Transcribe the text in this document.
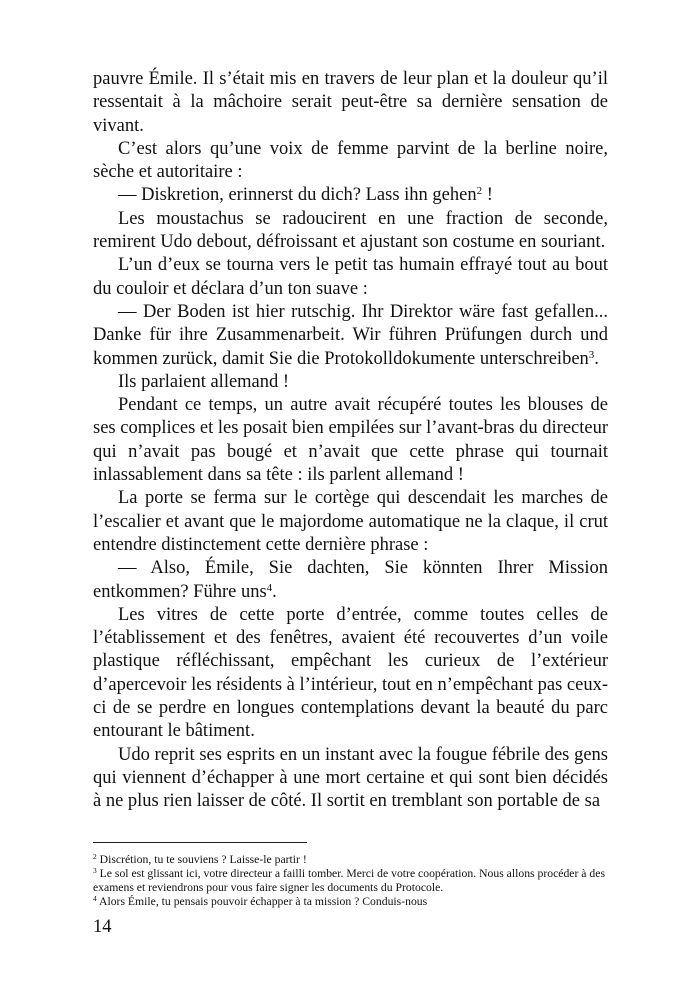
pauvre Émile. Il s’était mis en travers de leur plan et la douleur qu’il ressentait à la mâchoire serait peut-être sa dernière sensation de vivant.

C’est alors qu’une voix de femme parvint de la berline noire, sèche et autoritaire :

— Diskretion, erinnerst du dich? Lass ihn gehen$^2$ !

Les moustachus se radoucirent en une fraction de seconde, remirent Udo debout, défroissant et ajustant son costume en souriant.

L’un d’eux se tourna vers le petit tas humain effrayé tout au bout du couloir et déclara d’un ton suave :

— Der Boden ist hier rutschig. Ihr Direktor wäre fast gefallen... Danke für ihre Zusammenarbeit. Wir führen Prüfungen durch und kommen zurück, damit Sie die Protokolldokumente unterschreiben$^3$.

Ils parlaient allemand !

Pendant ce temps, un autre avait récupéré toutes les blouses de ses complices et les posait bien empilées sur l’avant-bras du directeur qui n’avait pas bougé et n’avait que cette phrase qui tournait inlassablement dans sa tête : ils parlent allemand !

La porte se ferma sur le cortège qui descendait les marches de l’escalier et avant que le majordome automatique ne la claque, il crut entendre distinctement cette dernière phrase :

— Also, Émile, Sie dachten, Sie könnten Ihrer Mission entkommen? Führe uns$^4$.

Les vitres de cette porte d’entrée, comme toutes celles de l’établissement et des fenêtres, avaient été recouvertes d’un voile plastique réfléchissant, empêchant les curieux de l’extérieur d’apercevoir les résidents à l’intérieur, tout en n’empêchant pas ceux-ci de se perdre en longues contemplations devant la beauté du parc entourant le bâtiment.

Udo reprit ses esprits en un instant avec la fougue fébrile des gens qui viennent d’échapper à une mort certaine et qui sont bien décidés à ne plus rien laisser de côté. Il sortit en tremblant son portable de sa

$^2$ Discrétion, tu te souviens ? Laisse-le partir !

$^3$ Le sol est glissant ici, votre directeur a failli tomber. Merci de votre coopération. Nous allons procéder à des examens et reviendrons pour vous faire signer les documents du Protocole.

$^4$ Alors Émile, tu pensais pouvoir échapper à ta mission ? Conduis-nous

14
